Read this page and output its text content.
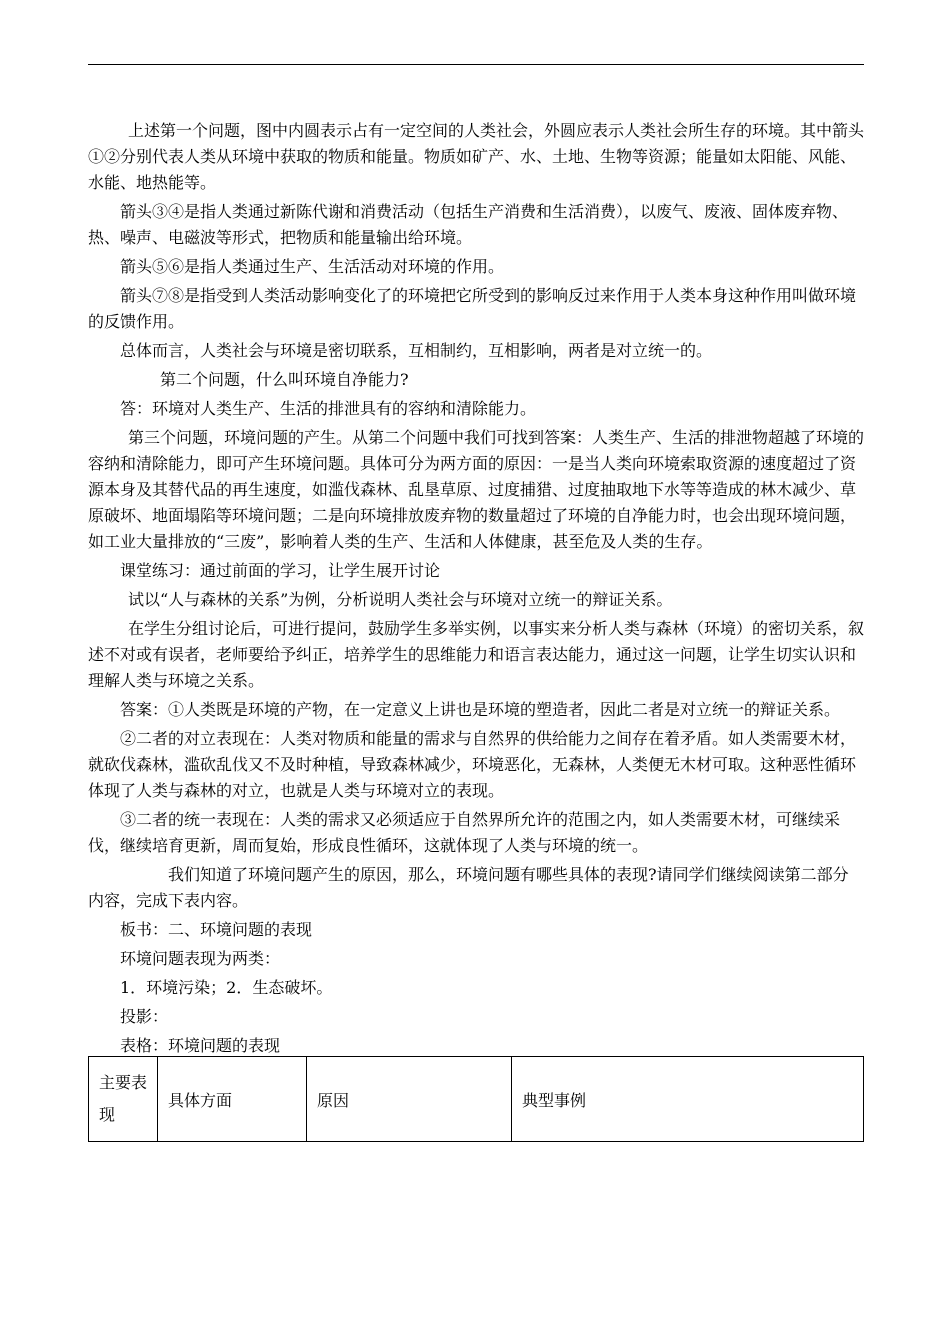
上述第一个问题，图中内圆表示占有一定空间的人类社会，外圆应表示人类社会所生存的环境。其中箭头①②分别代表人类从环境中获取的物质和能量。物质如矿产、水、土地、生物等资源；能量如太阳能、风能、水能、地热能等。

箭头③④是指人类通过新陈代谢和消费活动（包括生产消费和生活消费），以废气、废液、固体废弃物、热、噪声、电磁波等形式，把物质和能量输出给环境。

箭头⑤⑥是指人类通过生产、生活活动对环境的作用。

箭头⑦⑧是指受到人类活动影响变化了的环境把它所受到的影响反过来作用于人类本身这种作用叫做环境的反馈作用。

总体而言，人类社会与环境是密切联系，互相制约，互相影响，两者是对立统一的。

第二个问题，什么叫环境自净能力?

答：环境对人类生产、生活的排泄具有的容纳和清除能力。

第三个问题，环境问题的产生。从第二个问题中我们可找到答案：人类生产、生活的排泄物超越了环境的容纳和清除能力，即可产生环境问题。具体可分为两方面的原因：一是当人类向环境索取资源的速度超过了资源本身及其替代品的再生速度，如滥伐森林、乱垦草原、过度捕猎、过度抽取地下水等等造成的林木减少、草原破坏、地面塌陷等环境问题；二是向环境排放废弃物的数量超过了环境的自净能力时，也会出现环境问题，如工业大量排放的“三废”，影响着人类的生产、生活和人体健康，甚至危及人类的生存。

课堂练习：通过前面的学习，让学生展开讨论

试以“人与森林的关系”为例，分析说明人类社会与环境对立统一的辩证关系。

在学生分组讨论后，可进行提问，鼓励学生多举实例，以事实来分析人类与森林（环境）的密切关系，叙述不对或有误者，老师要给予纠正，培养学生的思维能力和语言表达能力，通过这一问题，让学生切实认识和理解人类与环境之关系。

答案：①人类既是环境的产物，在一定意义上讲也是环境的塑造者，因此二者是对立统一的辩证关系。

②二者的对立表现在：人类对物质和能量的需求与自然界的供给能力之间存在着矛盾。如人类需要木材，就砍伐森林，滥砍乱伐又不及时种植，导致森林减少，环境恶化，无森林，人类便无木材可取。这种恶性循环体现了人类与森林的对立，也就是人类与环境对立的表现。

③二者的统一表现在：人类的需求又必须适应于自然界所允许的范围之内，如人类需要木材，可继续采伐，继续培育更新，周而复始，形成良性循环，这就体现了人类与环境的统一。

我们知道了环境问题产生的原因，那么，环境问题有哪些具体的表现?请同学们继续阅读第二部分内容，完成下表内容。

板书：二、环境问题的表现

环境问题表现为两类：

1．环境污染；2．生态破坏。

投影：

表格：环境问题的表现

主要表现	具体方面	原因	典型事例
